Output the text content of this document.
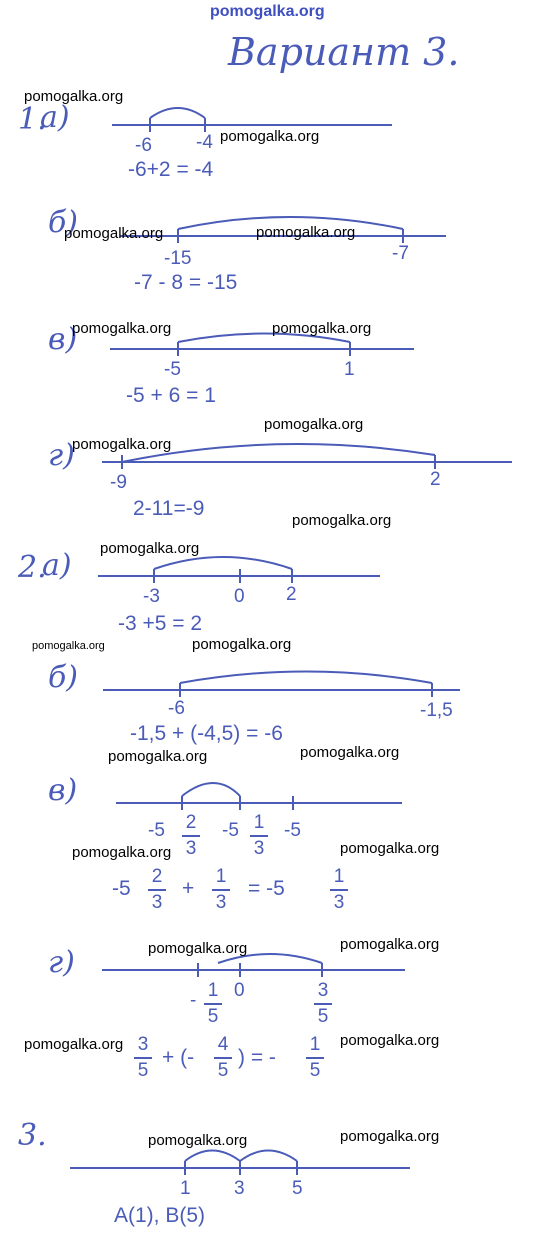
pomogalka.org
Вариант 3.
1.
а)
-6 -4
-6+2 = -4
б)
-15	-7
-7 - 8 = -15
в)
-5	1
-5 + 6 = 1
г)
-9	2
2-11=-9
2.
а)
-3	0 2
-3 +5 = 2
б)
-6	-1,5
-1,5 + (-4,5) = -6
в)
-5 2
3
-5 1
3
-5
-5
2
3
+
1
3
= -5
1
3
г)
- 1
5
0	3
5
3
5
+ (-
4
5
) = -
1
5
3.
1 3 5
A(1), B(5)
pomogalka.org
pomogalka.org
pomogalka.org	pomogalka.org
pomogalka.org	pomogalka.org
pomogalka.org
pomogalka.org
pomogalka.org
pomogalka.org
pomogalka.org	pomogalka.org
pomogalka.org
pomogalka.org
pomogalka.org	pomogalka.org
pomogalka.org	pomogalka.org
pomogalka.org	pomogalka.org
pomogalka.org	pomogalka.org
